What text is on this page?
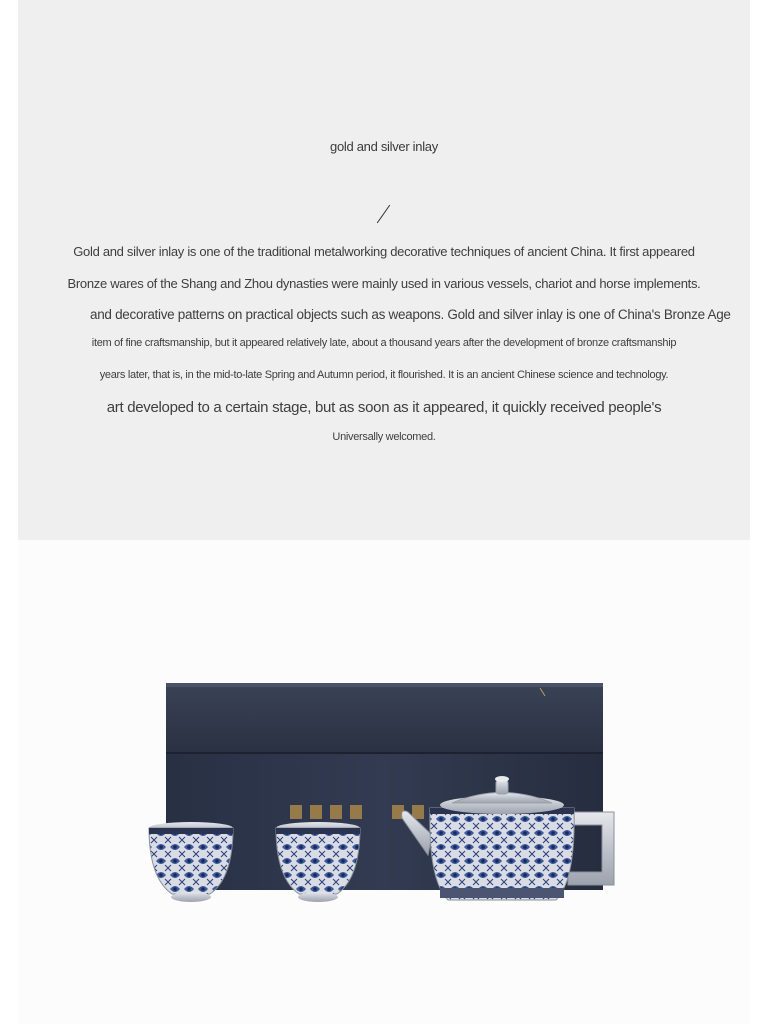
gold and silver inlay
Gold and silver inlay is one of the traditional metalworking decorative techniques of ancient China. It first appeared
Bronze wares of the Shang and Zhou dynasties were mainly used in various vessels, chariot and horse implements.
and decorative patterns on practical objects such as weapons. Gold and silver inlay is one of China's Bronze Age
item of fine craftsmanship, but it appeared relatively late, about a thousand years after the development of bronze craftsmanship
years later, that is, in the mid-to-late Spring and Autumn period, it flourished. It is an ancient Chinese science and technology.
art developed to a certain stage, but as soon as it appeared, it quickly received people's
Universally welcomed.
